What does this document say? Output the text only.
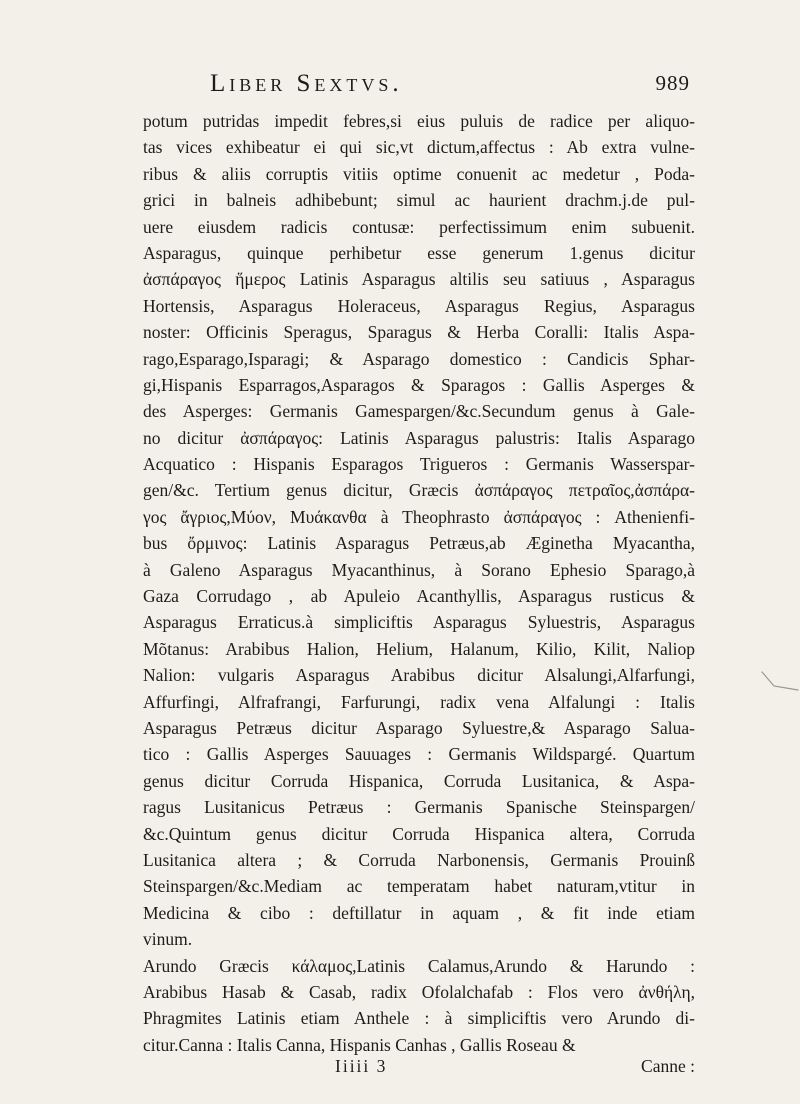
Liber Sextvs.	989
potum putridas impedit febres,si eius puluis de radice per aliquo-
tas vices exhibeatur ei qui sic,vt dictum,affectus : Ab extra vulne-
ribus & aliis corruptis vitiis optime conuenit ac medetur , Poda-
grici in balneis adhibebunt; simul ac haurient drachm.j.de pul-
uere eiusdem radicis contusæ: perfectissimum enim subuenit.
Asparagus, quinque perhibetur esse generum 1.genus dicitur
ἀσπάραγος ἥμερος Latinis Asparagus altilis seu satiuus , Asparagus
Hortensis, Asparagus Holeraceus, Asparagus Regius, Asparagus
noster: Officinis Speragus, Sparagus & Herba Coralli: Italis Aspa-
rago,Esparago,Isparagi; & Asparago domestico : Candicis Sphar-
gi,Hispanis Esparragos,Asparagos & Sparagos : Gallis Asperges &
des Asperges: Germanis Gamespargen/&c.Secundum genus à Gale-
no dicitur ἀσπάραγος: Latinis Asparagus palustris: Italis Asparago
Acquatico : Hispanis Esparagos Trigueros : Germanis Wasserspar-
gen/&c. Tertium genus dicitur, Græcis ἀσπάραγος πετραῖος,ἀσπάρα-
γος ἄγριος,Μύον, Μυάκανθα à Theophrasto ἀσπάραγος : Athenienfi-
bus ὄρμινος: Latinis Asparagus Petræus,ab Æginetha Myacantha,
à Galeno Asparagus Myacanthinus, à Sorano Ephesio Sparago,à
Gaza Corrudago , ab Apuleio Acanthyllis, Asparagus rusticus &
Asparagus Erraticus.à simpliciftis Asparagus Syluestris, Asparagus
Mõtanus: Arabibus Halion, Helium, Halanum, Kilio, Kilit, Naliop
Nalion: vulgaris Asparagus Arabibus dicitur Alsalungi,Alfarfungi,
Affurfingi, Alfrafrangi, Farfurungi, radix vena Alfalungi : Italis
Asparagus Petræus dicitur Asparago Syluestre,& Asparago Salua-
tico : Gallis Asperges Sauuages : Germanis Wildspargé. Quartum
genus dicitur Corruda Hispanica, Corruda Lusitanica, & Aspa-
ragus Lusitanicus Petræus : Germanis Spanische Steinspargen/
&c.Quintum genus dicitur Corruda Hispanica altera, Corruda
Lusitanica altera ; & Corruda Narbonensis, Germanis Prouinß
Steinspargen/&c.Mediam ac temperatam habet naturam,vtitur in
Medicina & cibo : deftillatur in aquam , & fit inde etiam
vinum.
Arundo Græcis κάλαμος,Latinis Calamus,Arundo & Harundo :
Arabibus Hasab & Casab, radix Ofolalchafab : Flos vero ἀνθήλη,
Phragmites Latinis etiam Anthele : à simpliciftis vero Arundo di-
citur.Canna : Italis Canna, Hispanis Canhas , Gallis Roseau &
Iiiii 3	Canne :
